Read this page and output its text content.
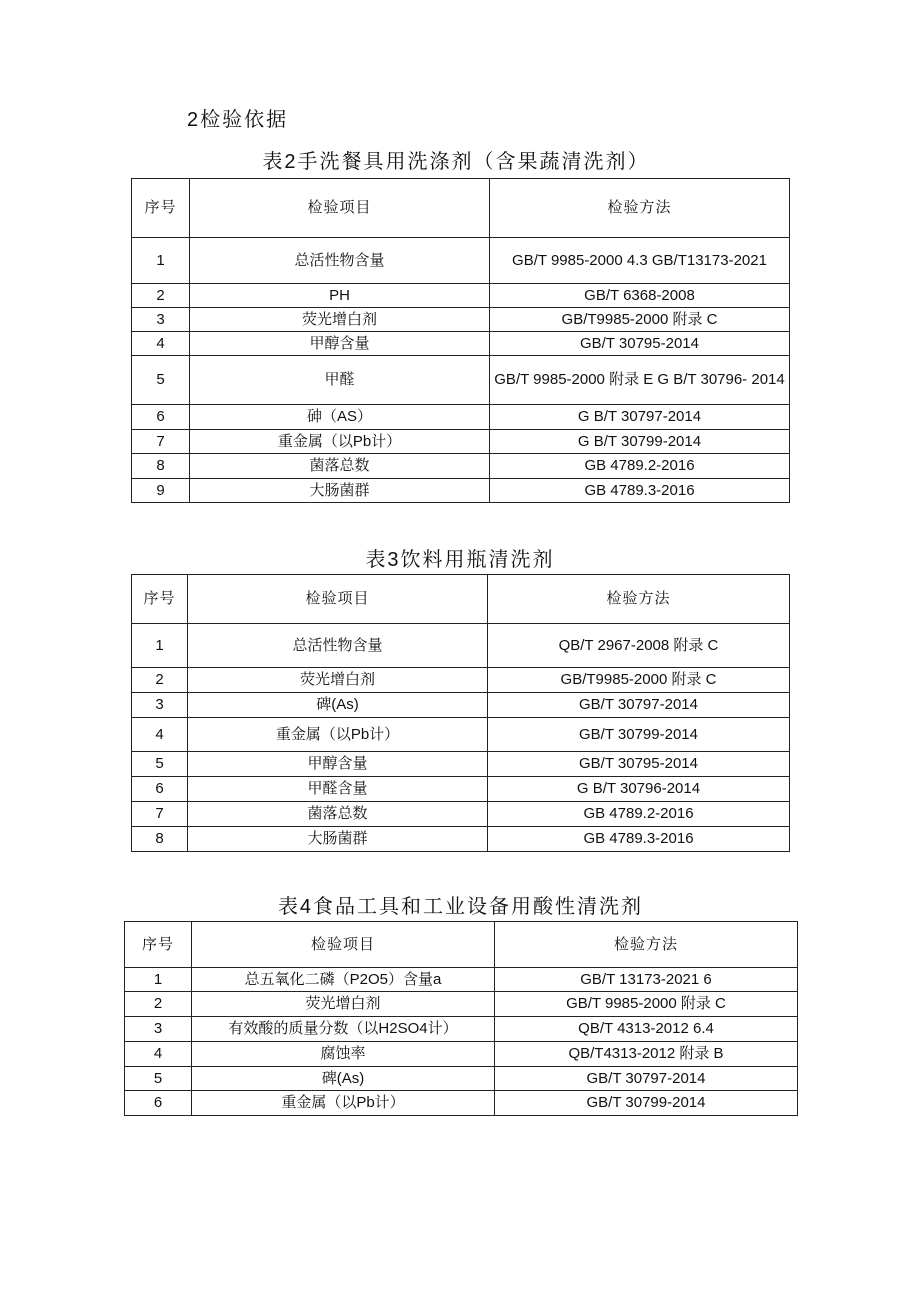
2检验依据
表2手洗餐具用洗涤剂（含果蔬清洗剂）
序号	检验项目	检验方法
1	总活性物含量	GB/T 9985-2000 4.3 GB/T13173-2021
2	PH	GB/T 6368-2008
3	荧光增白剂	GB/T9985-2000 附录 C
4	甲醇含量	GB/T 30795-2014
5	甲醛	GB/T 9985-2000 附录 E G B/T 30796- 2014
6	砷（AS）	G B/T 30797-2014
7	重金属（以Pb计）	G B/T 30799-2014
8	菌落总数	GB 4789.2-2016
9	大肠菌群	GB 4789.3-2016
表3饮料用瓶清洗剂
序号	检验项目	检验方法
1	总活性物含量	QB/T 2967-2008 附录 C
2	荧光增白剂	GB/T9985-2000 附录 C
3	碑(As)	GB/T 30797-2014
4	重金属（以Pb计）	GB/T 30799-2014
5	甲醇含量	GB/T 30795-2014
6	甲醛含量	G B/T 30796-2014
7	菌落总数	GB 4789.2-2016
8	大肠菌群	GB 4789.3-2016
表4食品工具和工业设备用酸性清洗剂
序号	检验项目	检验方法
1	总五氧化二磷（P2O5）含量a	GB/T 13173-2021 6
2	荧光增白剂	GB/T 9985-2000 附录 C
3	有效酸的质量分数（以H2SO4计）	QB/T 4313-2012 6.4
4	腐蚀率	QB/T4313-2012 附录 B
5	碑(As)	GB/T 30797-2014
6	重金属（以Pb计）	GB/T 30799-2014
